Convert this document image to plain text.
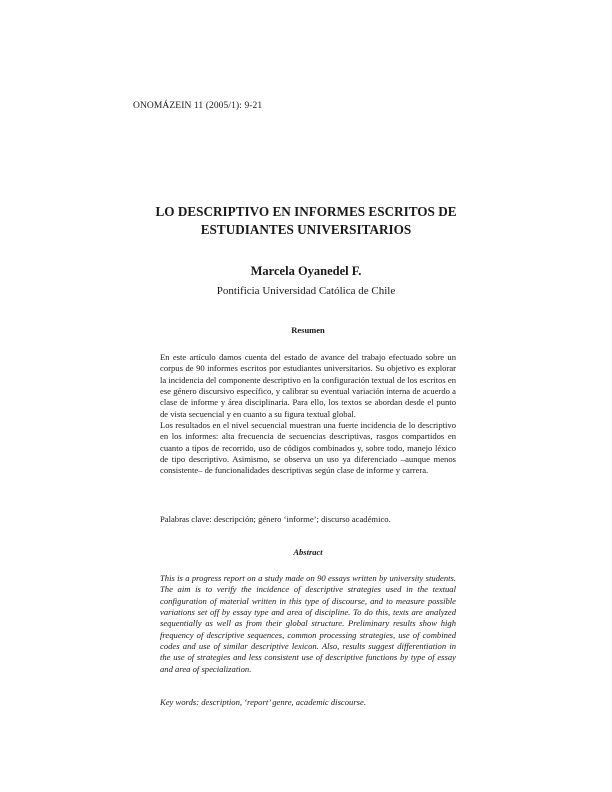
ONOMÁZEIN 11 (2005/1): 9-21
LO DESCRIPTIVO EN INFORMES ESCRITOS DE
ESTUDIANTES UNIVERSITARIOS
Marcela Oyanedel F.
Pontificia Universidad Católica de Chile
Resumen

En este artículo damos cuenta del estado de avance del trabajo efectuado sobre un corpus de 90 informes escritos por estudiantes universitarios. Su objetivo es explorar la incidencia del componente descriptivo en la configuración textual de los escritos en ese género discursivo específico, y calibrar su eventual variación interna de acuerdo a clase de informe y área disciplinaria. Para ello, los textos se abordan desde el punto de vista secuencial y en cuanto a su figura textual global.

Los resultados en el nivel secuencial muestran una fuerte incidencia de lo descriptivo en los informes: alta frecuencia de secuencias descriptivas, rasgos compartidos en cuanto a tipos de recorrido, uso de códigos combinados y, sobre todo, manejo léxico de tipo descriptivo. Asimismo, se observa un uso ya diferenciado –aunque menos consistente– de funcionalidades descriptivas según clase de informe y carrera.

Palabras clave: descripción; género ‘informe’; discurso académico.
Abstract

This is a progress report on a study made on 90 essays written by university students. The aim is to verify the incidence of descriptive strategies used in the textual configuration of material written in this type of discourse, and to measure possible variations set off by essay type and area of discipline. To do this, texts are analyzed sequentially as well as from their global structure. Preliminary results show high frequency of descriptive sequences, common processing strategies, use of combined codes and use of similar descriptive lexicon. Also, results suggest differentiation in the use of strategies and less consistent use of descriptive functions by type of essay and area of specialization.

Key words: description, ‘report’ genre, academic discourse.
